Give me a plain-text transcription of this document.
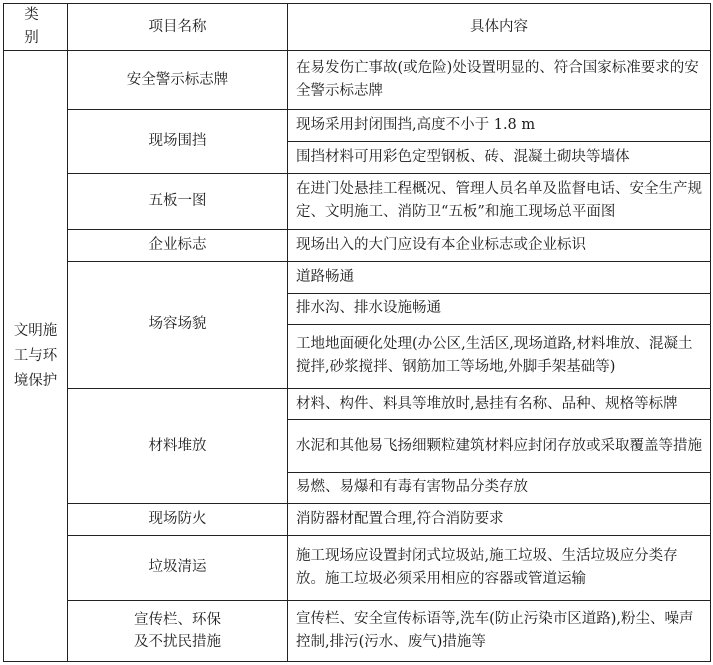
类 别	项目名称	具体内容
文明施工与环境保护	安全警示标志牌	在易发伤亡事故(或危险)处设置明显的、符合国家标准要求的安全警示标志牌
	现场围挡	现场采用封闭围挡,高度不小于 1.8 m
		围挡材料可用彩色定型钢板、砖、混凝土砌块等墙体
	五板一图	在进门处悬挂工程概况、管理人员名单及监督电话、安全生产规定、文明施工、消防卫“五板”和施工现场总平面图
	企业标志	现场出入的大门应设有本企业标志或企业标识
	场容场貌	道路畅通
		排水沟、排水设施畅通
		工地地面硬化处理(办公区,生活区,现场道路,材料堆放、混凝土搅拌,砂浆搅拌、钢筋加工等场地,外脚手架基础等)
	材料堆放	材料、构件、料具等堆放时,悬挂有名称、品种、规格等标牌
		水泥和其他易飞扬细颗粒建筑材料应封闭存放或采取覆盖等措施
		易燃、易爆和有毒有害物品分类存放
	现场防火	消防器材配置合理,符合消防要求
	垃圾清运	施工现场应设置封闭式垃圾站,施工垃圾、生活垃圾应分类存放。施工垃圾必须采用相应的容器或管道运输
	宣传栏、环保及不扰民措施	宣传栏、安全宣传标语等,洗车(防止污染市区道路),粉尘、噪声控制,排污(污水、废气)措施等
